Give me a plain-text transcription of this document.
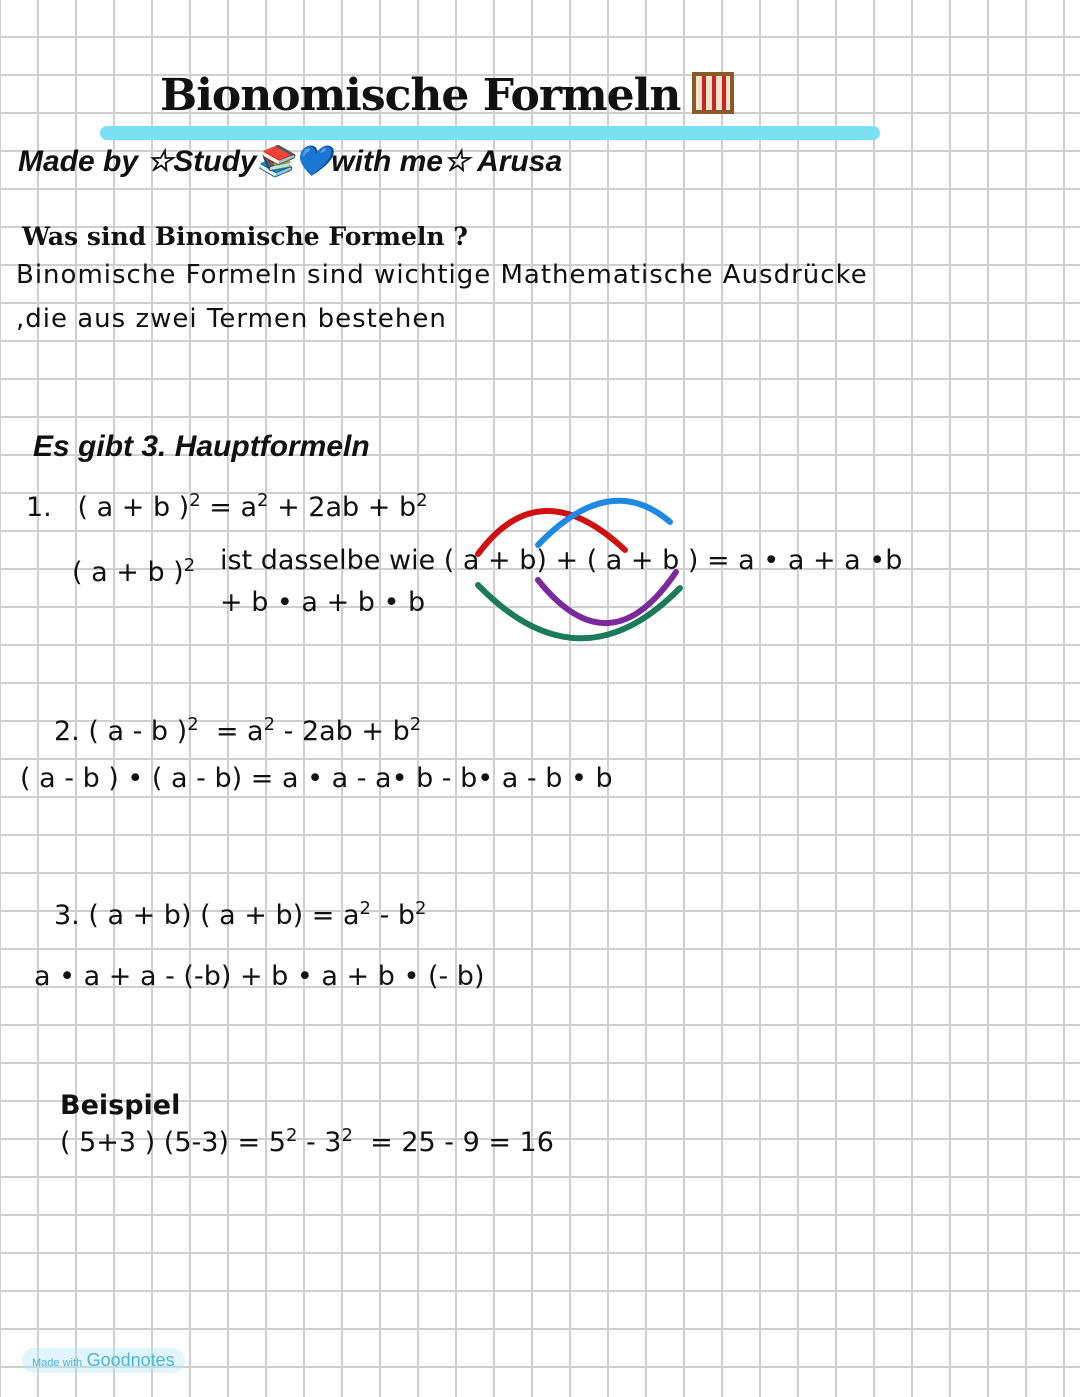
Bionomische Formeln
Made by ☆Study📚💙with me☆ Arusa
Was sind Binomische Formeln ?
Binomische Formeln sind wichtige Mathematische Ausdrücke
,die aus zwei Termen bestehen
Es gibt 3. Hauptformeln
1. ( a + b )$^2 = a^2 + 2ab + b^2$
( a + b )$^2$ ist dasselbe wie ( a + b) + ( a + b ) = a • a + a •b
+ b • a + b • b
2. ( a - b )$^2 = a^2 - 2ab + b^2$
( a - b ) • ( a - b) = a • a - a• b - b• a - b • b
3. ( a + b) ( $a + b) = a^2 - b^2$
a • a + a - (-b) + b • a + b • (- b)
Beispiel
( 5+3 ) $(5-3) = 5^2 - 3^2 = 25 - 9 = 16$
Made with Goodnotes
